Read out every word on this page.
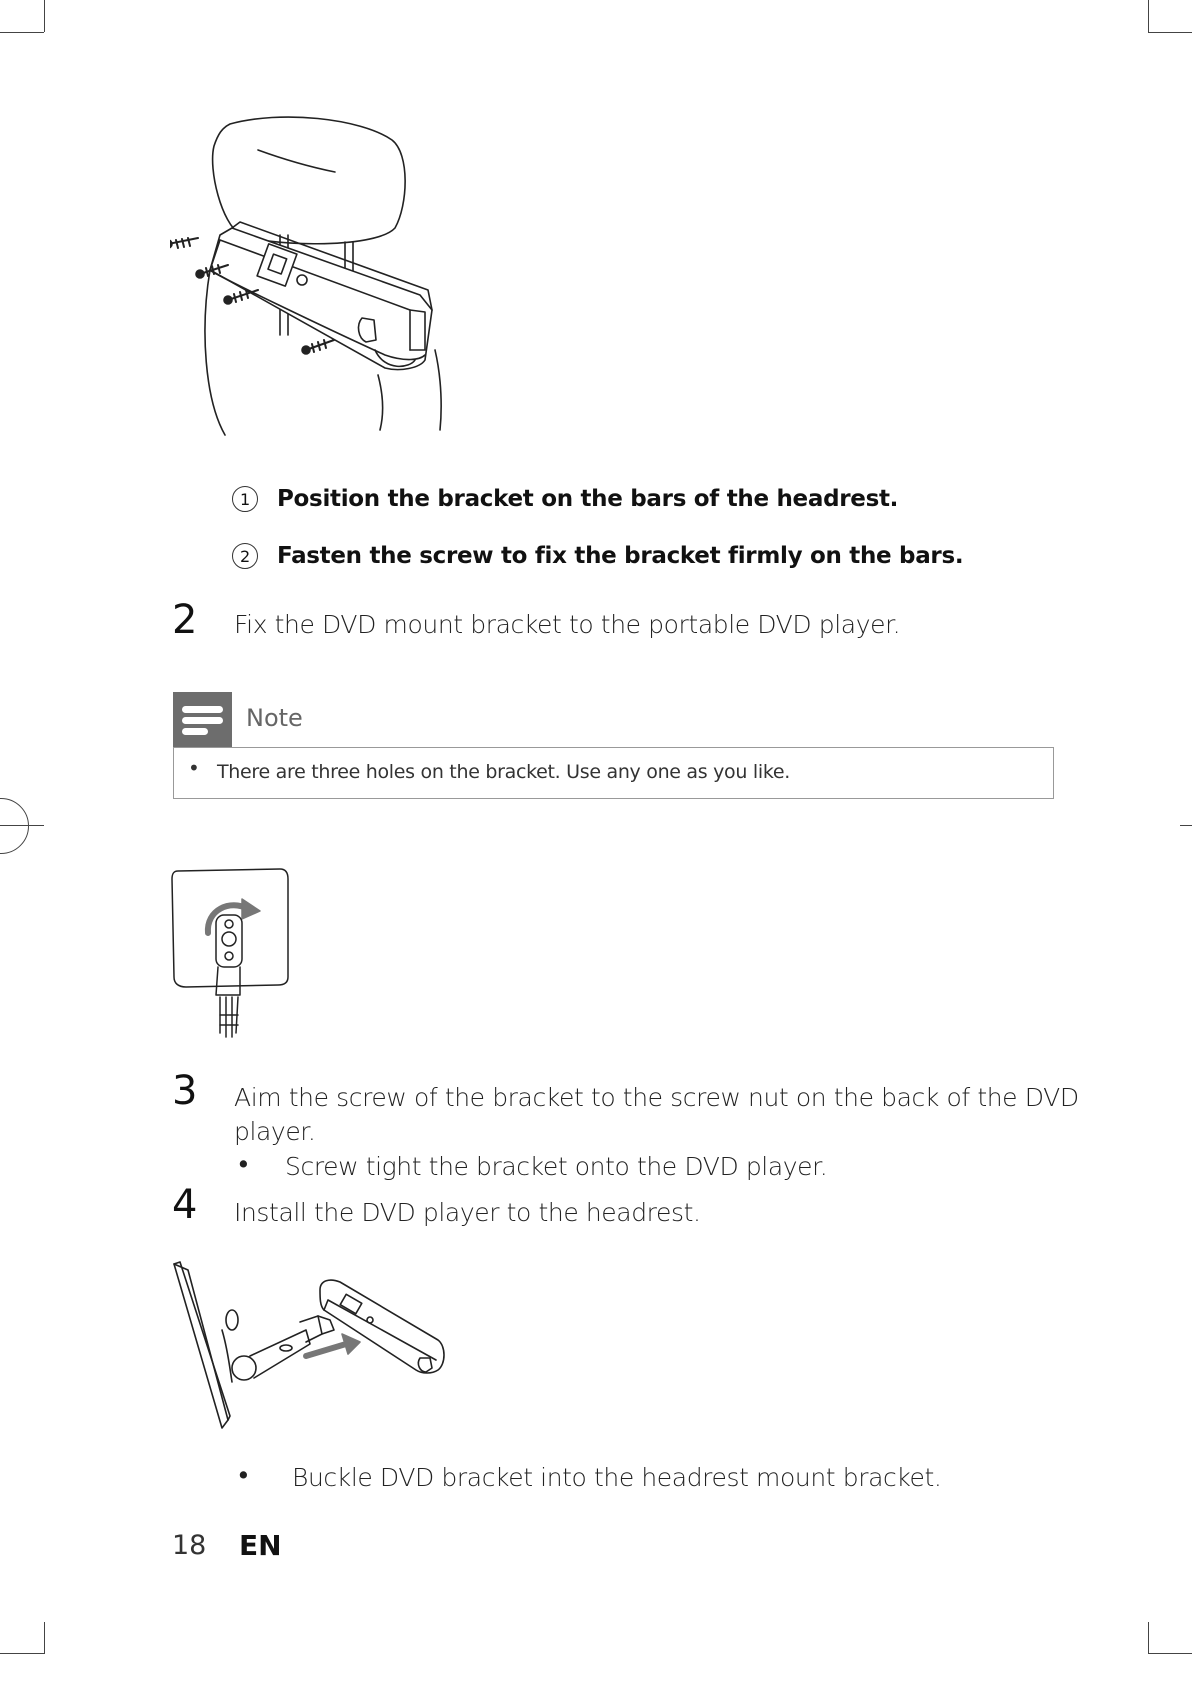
1	Position the bracket on the bars of the headrest.
2	Fasten the screw to fix the bracket firmly on the bars.
2 Fix the DVD mount bracket to the portable DVD player.
Note
• There are three holes on the bracket. Use any one as you like.
3 Aim the screw of the bracket to the screw nut on the back of the DVD
player.
• Screw tight the bracket onto the DVD player.
4 Install the DVD player to the headrest.
• Buckle DVD bracket into the headrest mount bracket.
18 EN
